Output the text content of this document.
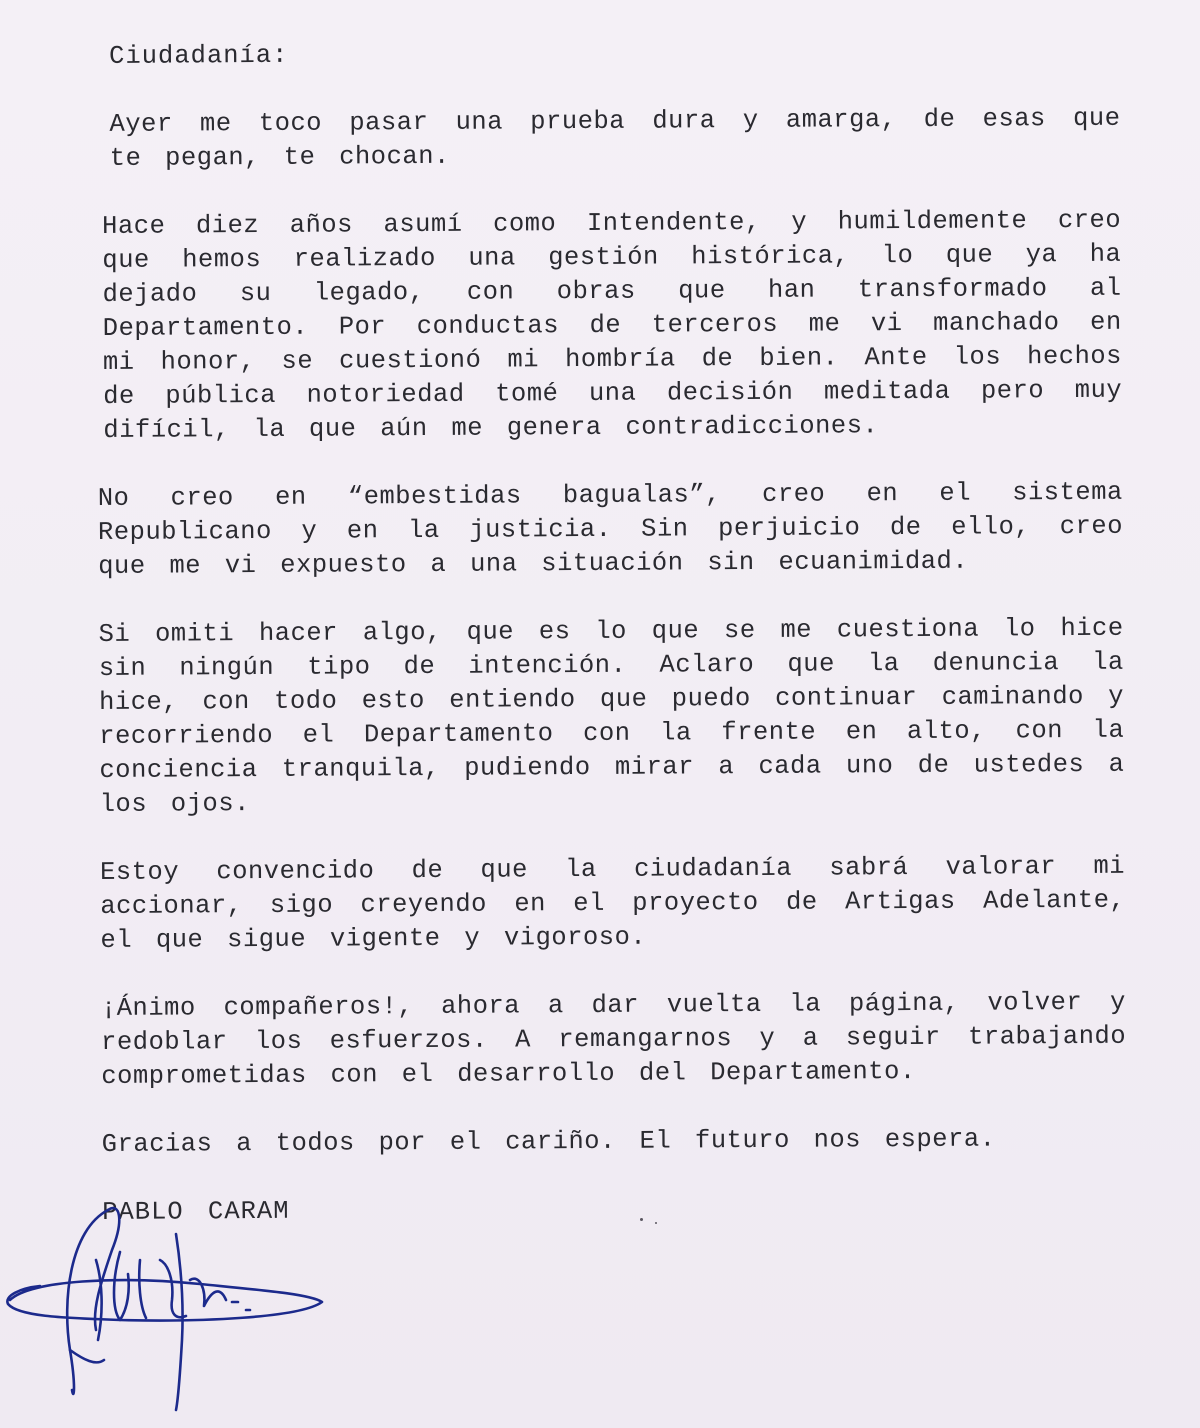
Ciudadanía:

Ayer me toco pasar una prueba dura y amarga, de esas que te pegan, te chocan.

Hace diez años asumí como Intendente, y humildemente creo que hemos realizado una gestión histórica, lo que ya ha dejado su legado, con obras que han transformado al Departamento. Por conductas de terceros me vi manchado en mi honor, se cuestionó mi hombría de bien. Ante los hechos de pública notoriedad tomé una decisión meditada pero muy difícil, la que aún me genera contradicciones.

No creo en “embestidas bagualas”, creo en el sistema Republicano y en la justicia. Sin perjuicio de ello, creo que me vi expuesto a una situación sin ecuanimidad.

Si omiti hacer algo, que es lo que se me cuestiona lo hice sin ningún tipo de intención. Aclaro que la denuncia la hice, con todo esto entiendo que puedo continuar caminando y recorriendo el Departamento con la frente en alto, con la conciencia tranquila, pudiendo mirar a cada uno de ustedes a los ojos.

Estoy convencido de que la ciudadanía sabrá valorar mi accionar, sigo creyendo en el proyecto de Artigas Adelante, el que sigue vigente y vigoroso.

¡Ánimo compañeros!, ahora a dar vuelta la página, volver y redoblar los esfuerzos. A remangarnos y a seguir trabajando comprometidas con el desarrollo del Departamento.

Gracias a todos por el cariño. El futuro nos espera.

PABLO CARAM
